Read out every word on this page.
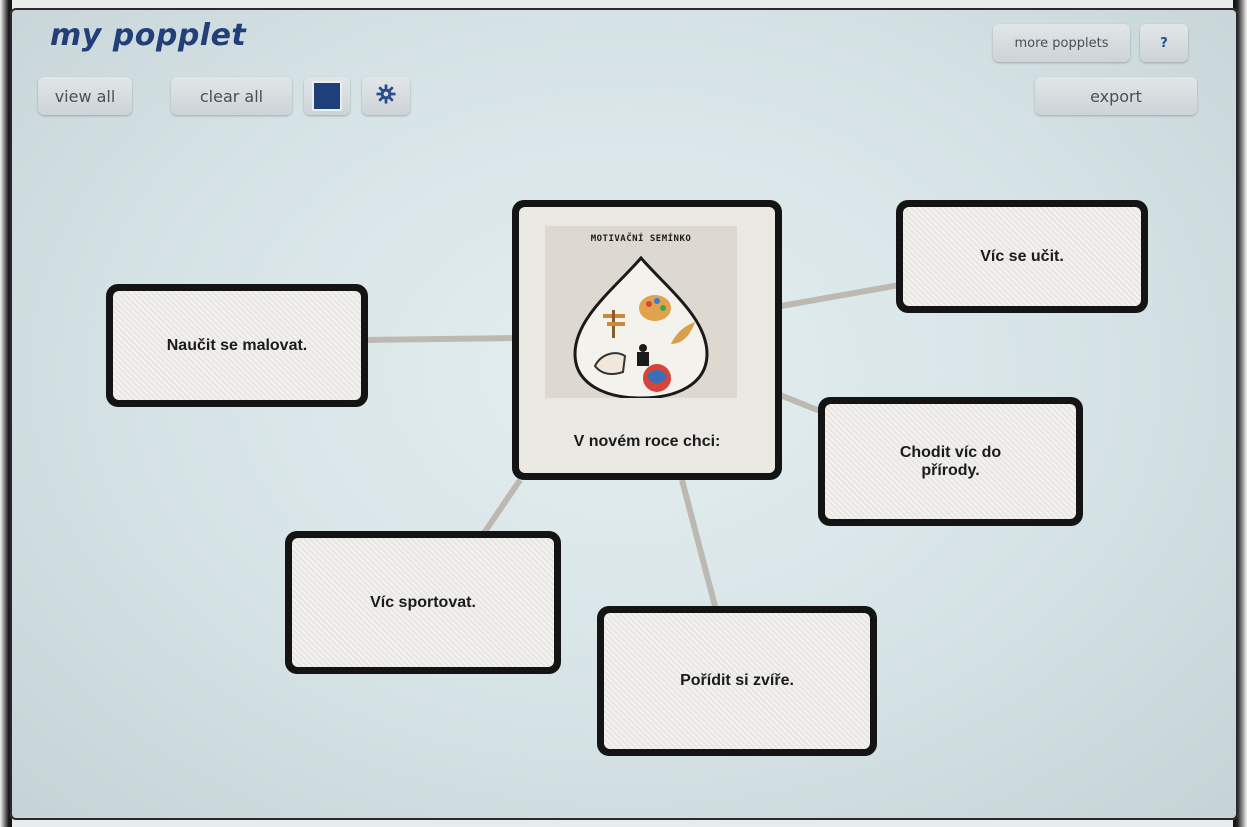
my popplet
view all	clear all
more popplets	?
export
MOTIVAČNÍ SEMÍNKO
V novém roce chci:
Naučit se malovat.
Víc se učit.
Chodit víc do přírody.
Víc sportovat.
Pořídit si zvíře.
